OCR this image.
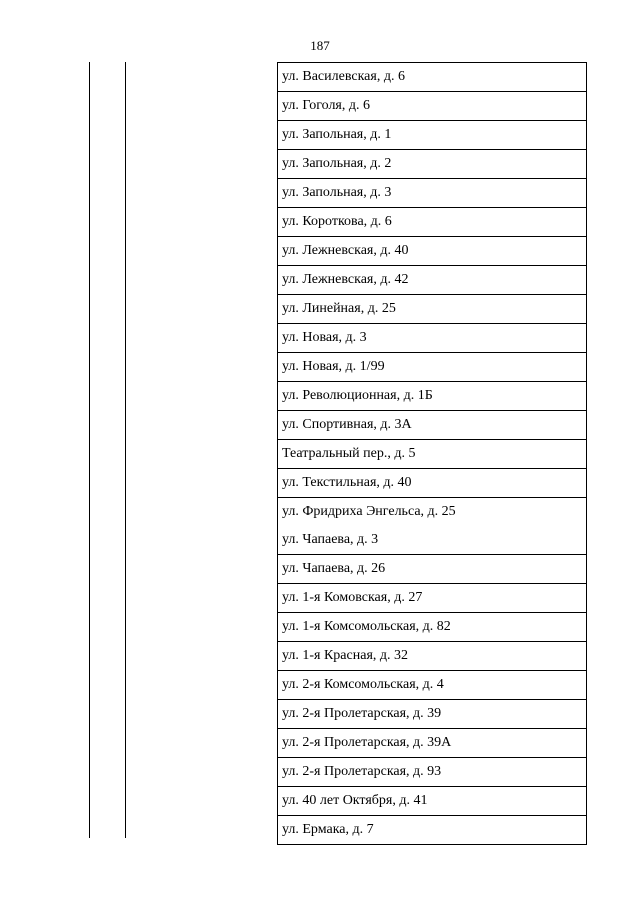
187
ул. Василевская, д. 6
ул. Гоголя, д. 6
ул. Запольная, д. 1
ул. Запольная, д. 2
ул. Запольная, д. 3
ул. Короткова, д. 6
ул. Лежневская, д. 40
ул. Лежневская, д. 42
ул. Линейная, д. 25
ул. Новая, д. 3
ул. Новая, д. 1/99
ул. Революционная, д. 1Б
ул. Спортивная, д. 3А
Театральный пер., д. 5
ул. Текстильная, д. 40
ул. Фридриха Энгельса, д. 25
ул. Чапаева, д. 3
ул. Чапаева, д. 26
ул. 1-я Комовская, д. 27
ул. 1-я Комсомольская, д. 82
ул. 1-я Красная, д. 32
ул. 2-я Комсомольская, д. 4
ул. 2-я Пролетарская, д. 39
ул. 2-я Пролетарская, д. 39А
ул. 2-я Пролетарская, д. 93
ул. 40 лет Октября, д. 41
ул. Ермака, д. 7
